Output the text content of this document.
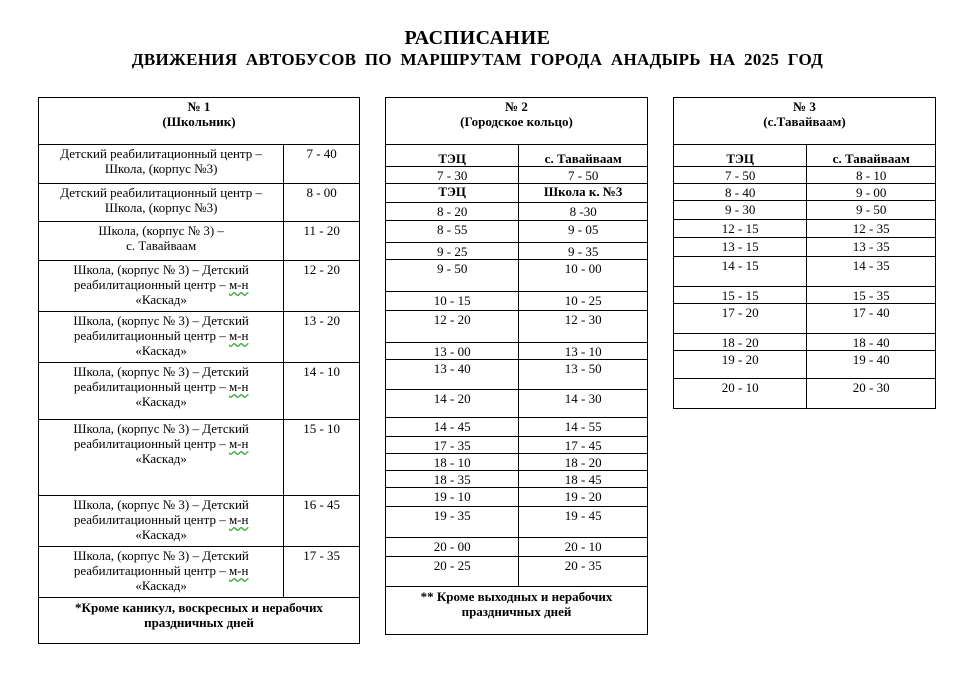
РАСПИСАНИЕ
ДВИЖЕНИЯ АВТОБУСОВ ПО МАРШРУТАМ ГОРОДА АНАДЫРЬ НА 2025 ГОД
№ 1
(Школьник)	

Детский реабилитационный центр –
Школа, (корпус №3)	7 - 40

Детский реабилитационный центр –
Школа, (корпус №3)	8 - 00

Школа, (корпус № 3) –
с. Тавайваам	11 - 20

Школа, (корпус № 3) – Детский
реабилитационный центр – м-н
«Каскад»	12 - 20

Школа, (корпус № 3) – Детский
реабилитационный центр – м-н
«Каскад»	13 - 20

Школа, (корпус № 3) – Детский
реабилитационный центр – м-н
«Каскад»	14 - 10

Школа, (корпус № 3) – Детский
реабилитационный центр – м-н
«Каскад»	15 - 10

Школа, (корпус № 3) – Детский
реабилитационный центр – м-н
«Каскад»	16 - 45

Школа, (корпус № 3) – Детский
реабилитационный центр – м-н
«Каскад»	17 - 35

*Кроме каникул, воскресных и нерабочих
праздничных дней	
№ 2
(Городское кольцо)	

ТЭЦ	с. Тавайваам
7 - 30	7 - 50
ТЭЦ	Школа к. №3
8 - 20	8 -30
8 - 55	9 - 05
9 - 25	9 - 35
9 - 50	10 - 00
10 - 15	10 - 25
12 - 20	12 - 30
13 - 00	13 - 10
13 - 40	13 - 50
14 - 20	14 - 30
14 - 45	14 - 55
17 - 35	17 - 45
18 - 10	18 - 20
18 - 35	18 - 45
19 - 10	19 - 20
19 - 35	19 - 45
20 - 00	20 - 10
20 - 25	20 - 35

** Кроме выходных и нерабочих
праздничных дней	
№ 3
(с.Тавайваам)	

ТЭЦ	с. Тавайваам
7 - 50	8 - 10
8 - 40	9 - 00
9 - 30	9 - 50
12 - 15	12 - 35
13 - 15	13 - 35
14 - 15	14 - 35
15 - 15	15 - 35
17 - 20	17 - 40
18 - 20	18 - 40
19 - 20	19 - 40
20 - 10	20 - 30
